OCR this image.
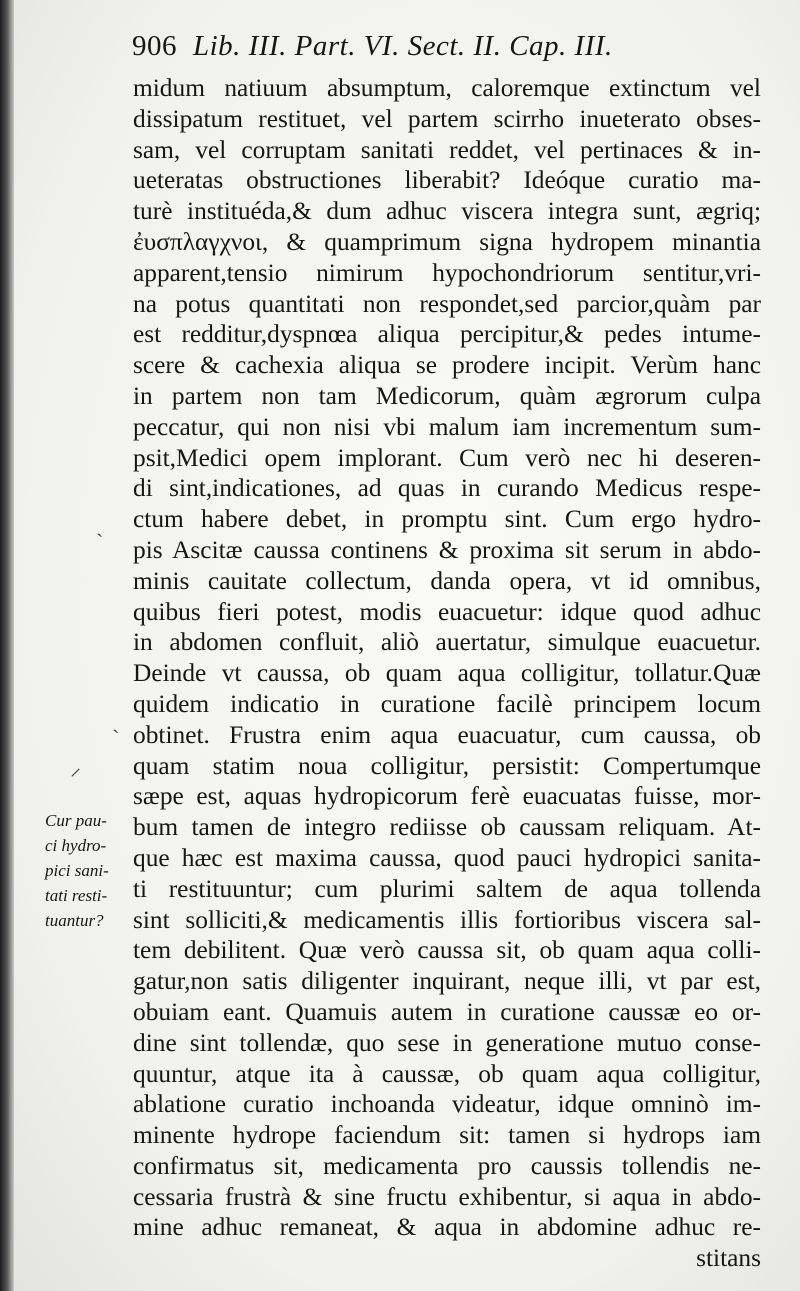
906 Lib. III. Part. VI. Sect. II. Cap. III.
midum natiuum absumptum, caloremque extinctum vel
dissipatum restituet, vel partem scirrho inueterato obses-
sam, vel corruptam sanitati reddet, vel pertinaces & in-
ueteratas obstructiones liberabit? Ideóque curatio ma-
turè instituéda,& dum adhuc viscera integra sunt, ægriq;
ἐυσπλαγχνοι, & quamprimum signa hydropem minantia
apparent,tensio nimirum hypochondriorum sentitur,vri-
na potus quantitati non respondet,sed parcior,quàm par
est redditur,dyspnœa aliqua percipitur,& pedes intume-
scere & cachexia aliqua se prodere incipit. Verùm hanc
in partem non tam Medicorum, quàm ægrorum culpa
peccatur, qui non nisi vbi malum iam incrementum sum-
psit,Medici opem implorant. Cum verò nec hi deseren-
di sint,indicationes, ad quas in curando Medicus respe-
ctum habere debet, in promptu sint. Cum ergo hydro-
pis Ascitæ caussa continens & proxima sit serum in abdo-
minis cauitate collectum, danda opera, vt id omnibus,
quibus fieri potest, modis euacuetur: idque quod adhuc
in abdomen confluit, aliò auertatur, simulque euacuetur.
Deinde vt caussa, ob quam aqua colligitur, tollatur.Quæ
quidem indicatio in curatione facilè principem locum
obtinet. Frustra enim aqua euacuatur, cum caussa, ob
quam statim noua colligitur, persistit: Compertumque
sæpe est, aquas hydropicorum ferè euacuatas fuisse, mor-
bum tamen de integro rediisse ob caussam reliquam. At-
que hæc est maxima caussa, quod pauci hydropici sanita-
ti restituuntur; cum plurimi saltem de aqua tollenda
sint solliciti,& medicamentis illis fortioribus viscera sal-
tem debilitent. Quæ verò caussa sit, ob quam aqua colli-
gatur,non satis diligenter inquirant, neque illi, vt par est,
obuiam eant. Quamuis autem in curatione caussæ eo or-
dine sint tollendæ, quo sese in generatione mutuo conse-
quuntur, atque ita à caussæ, ob quam aqua colligitur,
ablatione curatio inchoanda videatur, idque omninò im-
minente hydrope faciendum sit: tamen si hydrops iam
confirmatus sit, medicamenta pro caussis tollendis ne-
cessaria frustrà & sine fructu exhibentur, si aqua in abdo-
mine adhuc remaneat, & aqua in abdomine adhuc re-
stitans
Cur pau-
ci hydro-
pici sani-
tati resti-
tuantur?
ˎ
ˏ
⸝
